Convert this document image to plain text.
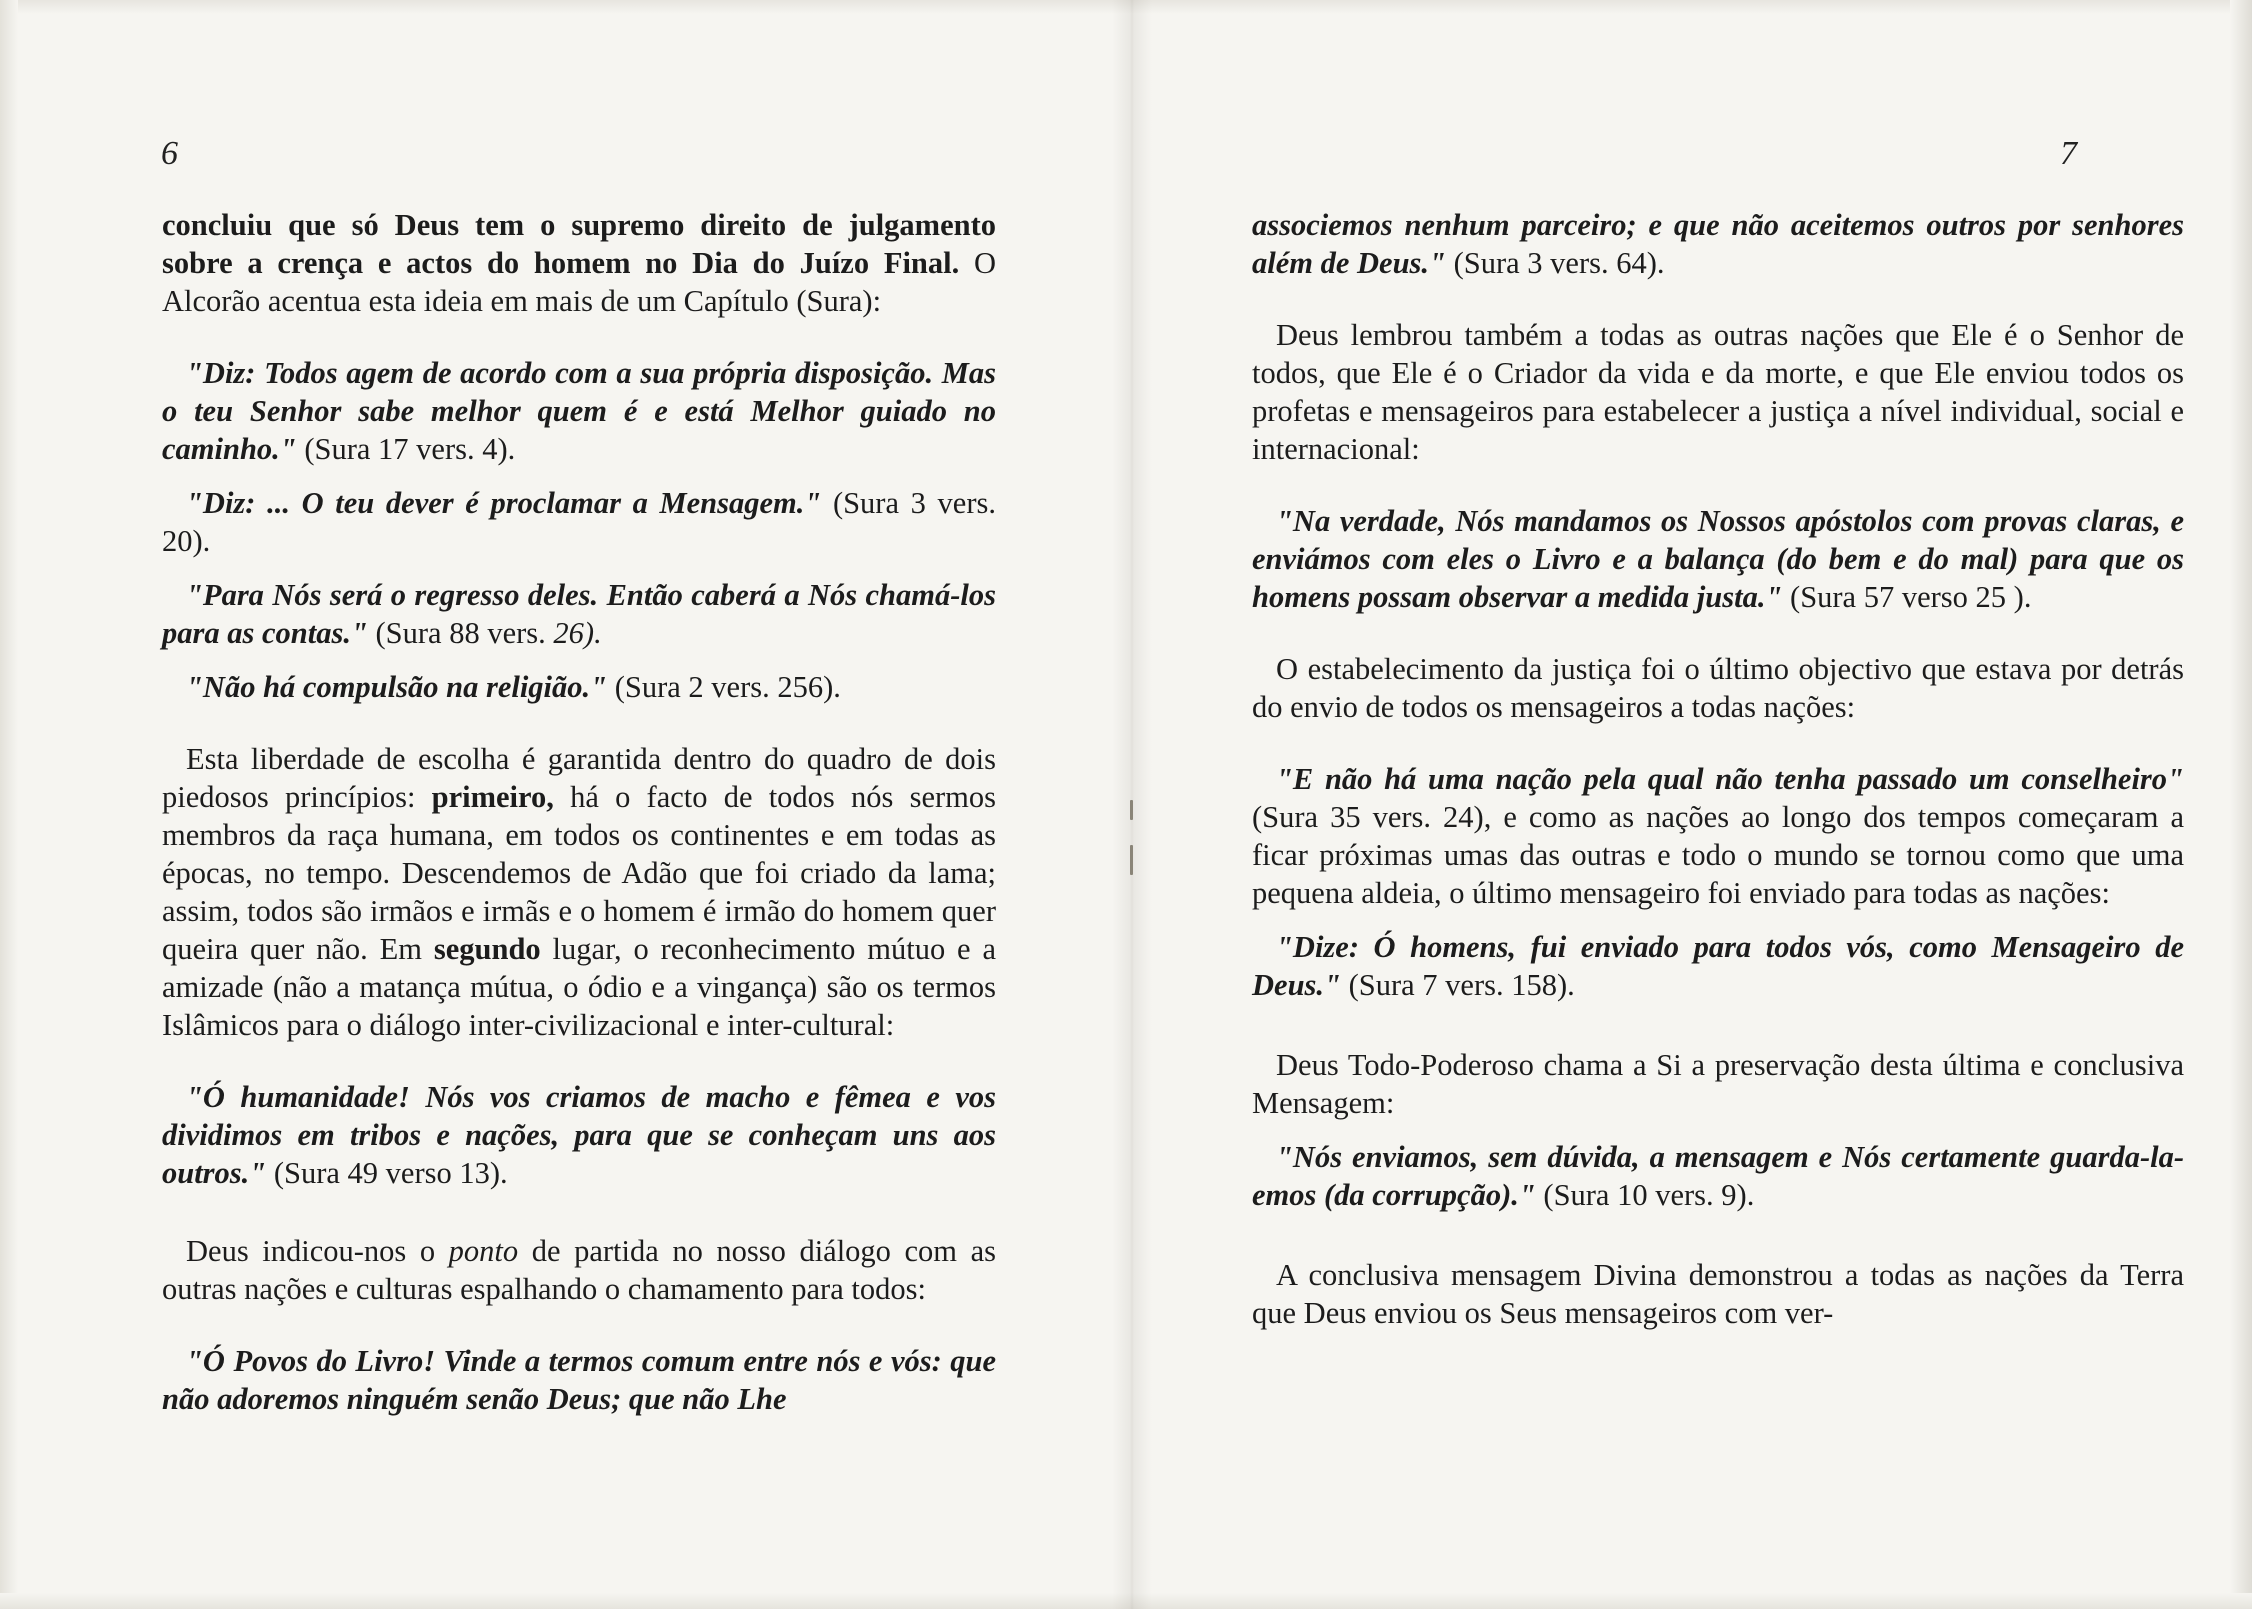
6

concluiu que só Deus tem o supremo direito de julgamento sobre a crença e actos do homem no Dia do Juízo Final. O Alcorão acentua esta ideia em mais de um Capítulo (Sura):

"Diz: Todos agem de acordo com a sua própria disposição. Mas o teu Senhor sabe melhor quem é e está Melhor guiado no caminho." (Sura 17 vers. 4).

"Diz: ... O teu dever é proclamar a Mensagem." (Sura 3 vers. 20).

"Para Nós será o regresso deles. Então caberá a Nós chamá-los para as contas." (Sura 88 vers. 26).

"Não há compulsão na religião." (Sura 2 vers. 256).

Esta liberdade de escolha é garantida dentro do quadro de dois piedosos princípios: primeiro, há o facto de todos nós sermos membros da raça humana, em todos os continentes e em todas as épocas, no tempo. Descendemos de Adão que foi criado da lama; assim, todos são irmãos e irmãs e o homem é irmão do homem quer queira quer não. Em segundo lugar, o reconhecimento mútuo e a amizade (não a matança mútua, o ódio e a vingança) são os termos Islâmicos para o diálogo inter-civilizacional e inter-cultural:

"Ó humanidade! Nós vos criamos de macho e fêmea e vos dividimos em tribos e nações, para que se conheçam uns aos outros." (Sura 49 verso 13).

Deus indicou-nos o ponto de partida no nosso diálogo com as outras nações e culturas espalhando o chamamento para todos:

"Ó Povos do Livro! Vinde a termos comum entre nós e vós: que não adoremos ninguém senão Deus; que não Lhe

7

associemos nenhum parceiro; e que não aceitemos outros por senhores além de Deus." (Sura 3 vers. 64).

Deus lembrou também a todas as outras nações que Ele é o Senhor de todos, que Ele é o Criador da vida e da morte, e que Ele enviou todos os profetas e mensageiros para estabelecer a justiça a nível individual, social e internacional:

"Na verdade, Nós mandamos os Nossos apóstolos com provas claras, e enviámos com eles o Livro e a balança (do bem e do mal) para que os homens possam observar a medida justa." (Sura 57 verso 25 ).

O estabelecimento da justiça foi o último objectivo que estava por detrás do envio de todos os mensageiros a todas nações:

"E não há uma nação pela qual não tenha passado um conselheiro" (Sura 35 vers. 24), e como as nações ao longo dos tempos começaram a ficar próximas umas das outras e todo o mundo se tornou como que uma pequena aldeia, o último mensageiro foi enviado para todas as nações:

"Dize: Ó homens, fui enviado para todos vós, como Mensageiro de Deus." (Sura 7 vers. 158).

Deus Todo-Poderoso chama a Si a preservação desta última e conclusiva Mensagem:

"Nós enviamos, sem dúvida, a mensagem e Nós certamente guarda-la-emos (da corrupção)." (Sura 10 vers. 9).

A conclusiva mensagem Divina demonstrou a todas as nações da Terra que Deus enviou os Seus mensageiros com ver-
